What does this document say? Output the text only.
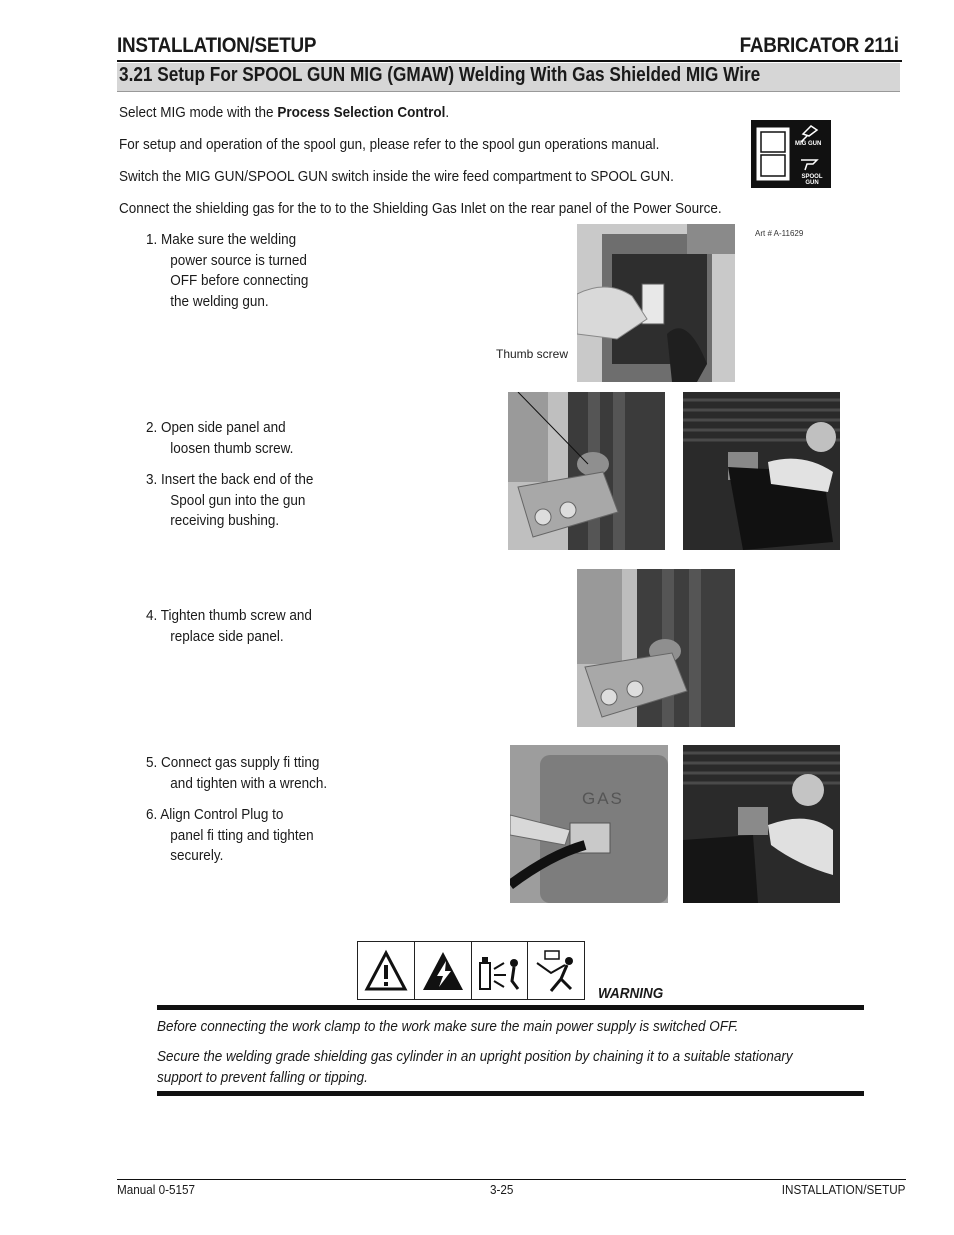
INSTALLATION/SETUP	FABRICATOR 211i
3.21 Setup For SPOOL GUN MIG (GMAW) Welding With Gas Shielded MIG Wire
Select MIG mode with the Process Selection Control.
For setup and operation of the spool gun, please refer to the spool gun operations manual.
Switch the MIG GUN/SPOOL GUN switch inside the wire feed compartment to SPOOL GUN.
Connect the shielding gas for the to to the Shielding Gas Inlet on the rear panel of the Power Source.
MIG GUN
SPOOL
GUN
1. Make sure the welding
power source is turned
OFF before connecting
the welding gun.
2. Open side panel and
loosen thumb screw.
3. Insert the back end of the
Spool gun into the gun
receiving bushing.
4. Tighten thumb screw and
replace side panel.
5. Connect gas supply fi tting
and tighten with a wrench.
6. Align Control Plug to
panel fi tting and tighten
securely.
Art # A-11629
Thumb screw
GAS
WARNING
Before connecting the work clamp to the work make sure the main power supply is switched OFF.
Secure the welding grade shielding gas cylinder in an upright position by chaining it to a suitable stationary
support to prevent falling or tipping.
Manual 0-5157	3-25	INSTALLATION/SETUP
